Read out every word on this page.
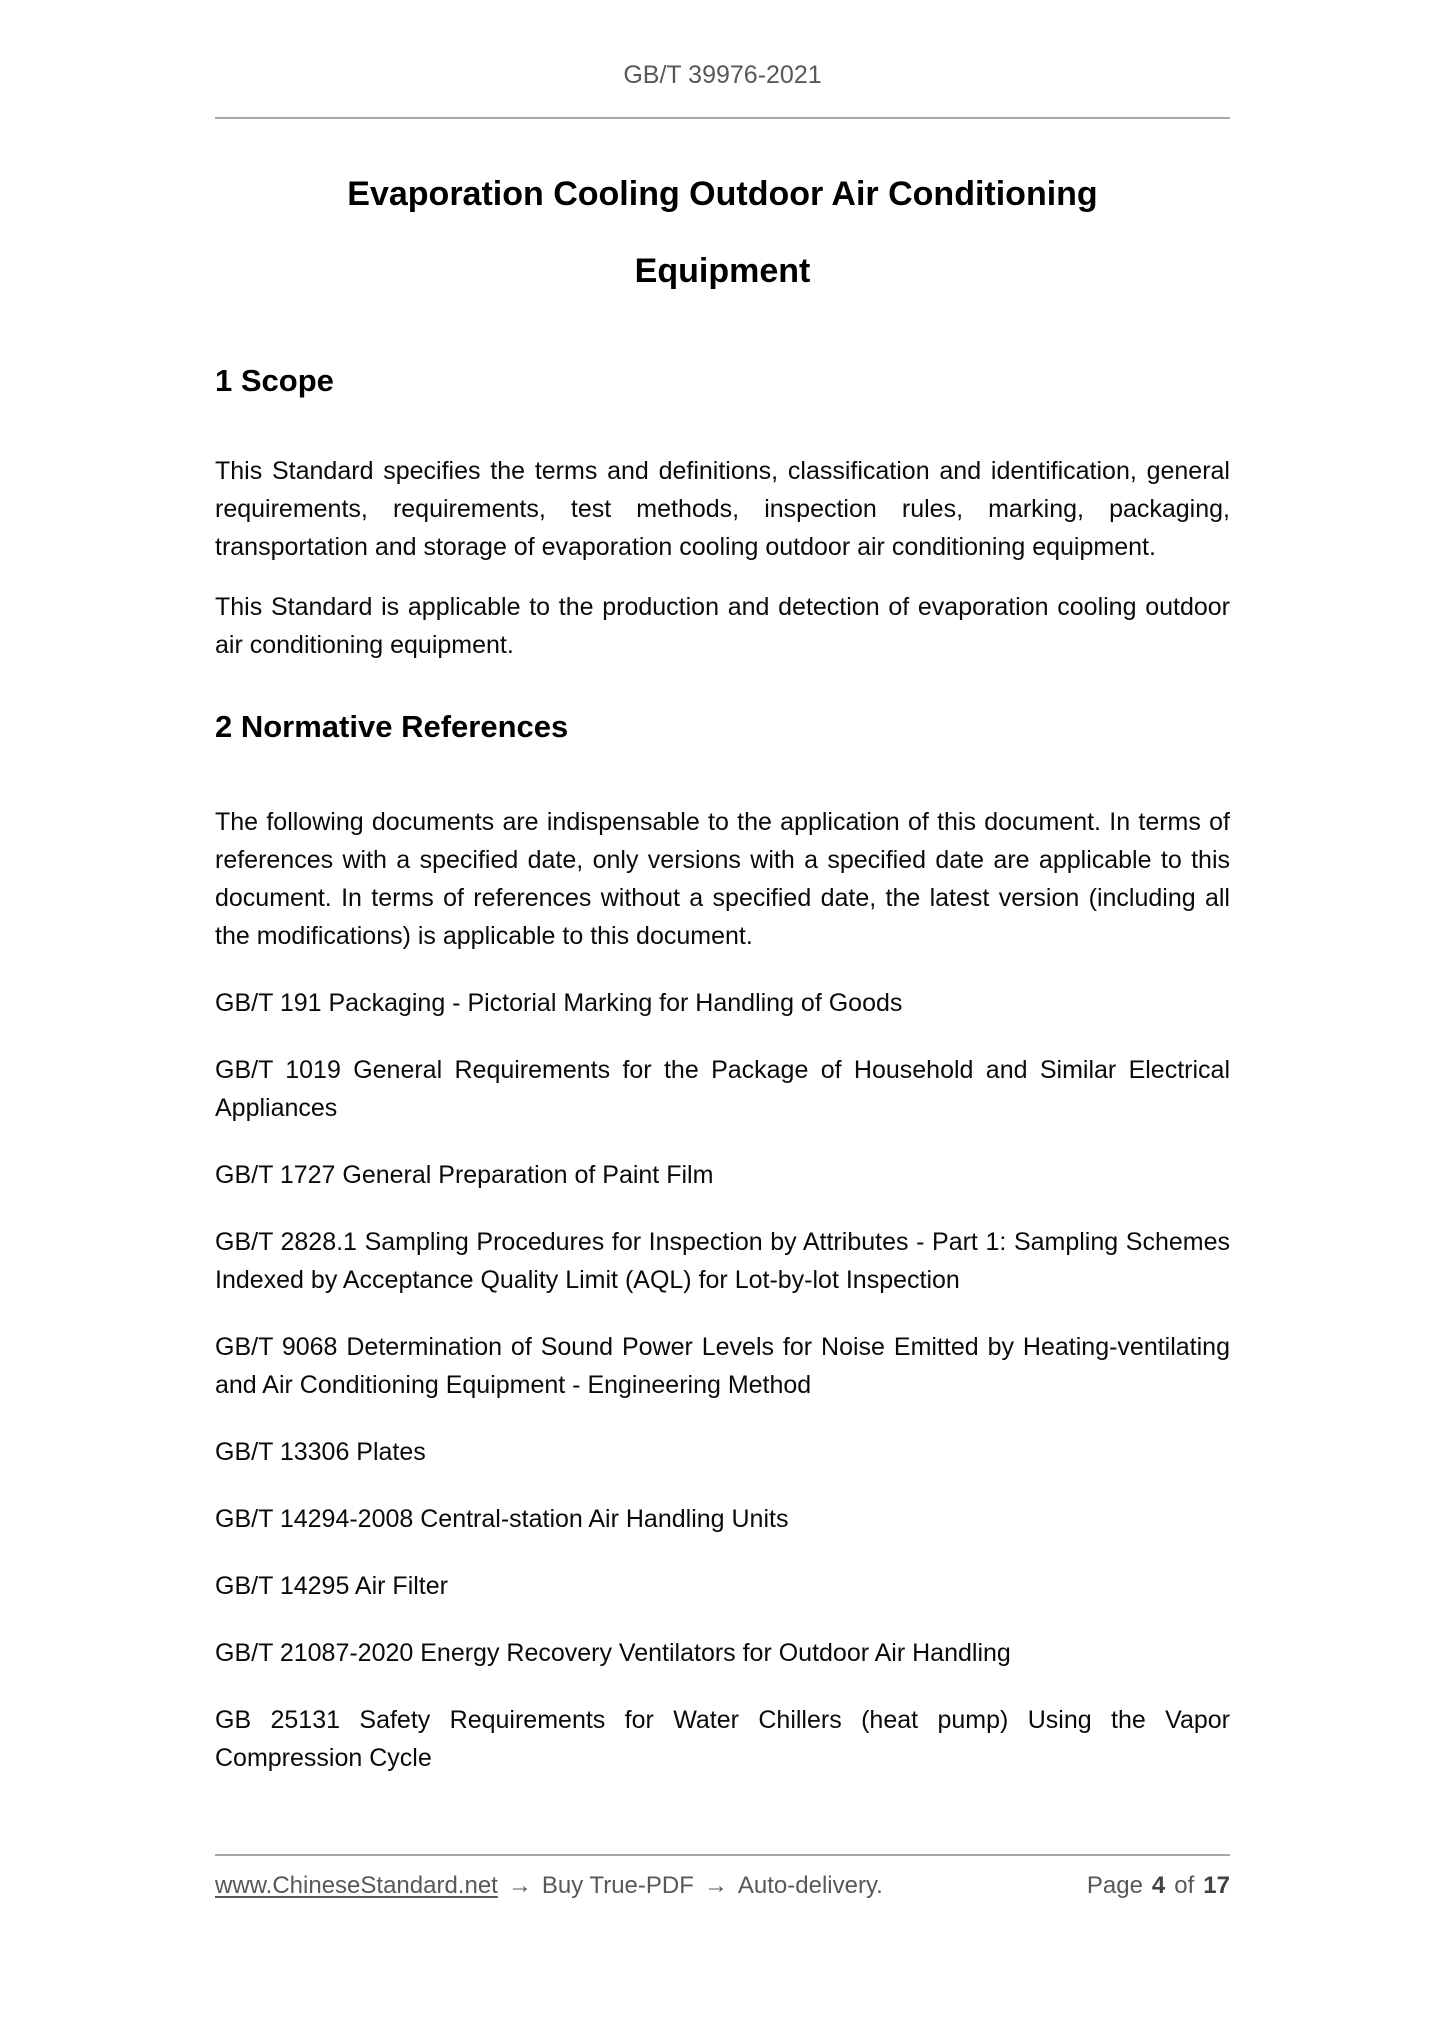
GB/T 39976-2021
Evaporation Cooling Outdoor Air Conditioning
Equipment
1 Scope

This Standard specifies the terms and definitions, classification and identification, general requirements, requirements, test methods, inspection rules, marking, packaging, transportation and storage of evaporation cooling outdoor air conditioning equipment.

This Standard is applicable to the production and detection of evaporation cooling outdoor air conditioning equipment.

2 Normative References

The following documents are indispensable to the application of this document. In terms of references with a specified date, only versions with a specified date are applicable to this document. In terms of references without a specified date, the latest version (including all the modifications) is applicable to this document.

GB/T 191 Packaging - Pictorial Marking for Handling of Goods

GB/T 1019 General Requirements for the Package of Household and Similar Electrical Appliances

GB/T 1727 General Preparation of Paint Film

GB/T 2828.1 Sampling Procedures for Inspection by Attributes - Part 1: Sampling Schemes Indexed by Acceptance Quality Limit (AQL) for Lot-by-lot Inspection

GB/T 9068 Determination of Sound Power Levels for Noise Emitted by Heating-ventilating and Air Conditioning Equipment - Engineering Method

GB/T 13306 Plates

GB/T 14294-2008 Central-station Air Handling Units

GB/T 14295 Air Filter

GB/T 21087-2020 Energy Recovery Ventilators for Outdoor Air Handling

GB 25131 Safety Requirements for Water Chillers (heat pump) Using the Vapor Compression Cycle

www.ChineseStandard.net → Buy True-PDF → Auto-delivery.	Page 4 of 17
